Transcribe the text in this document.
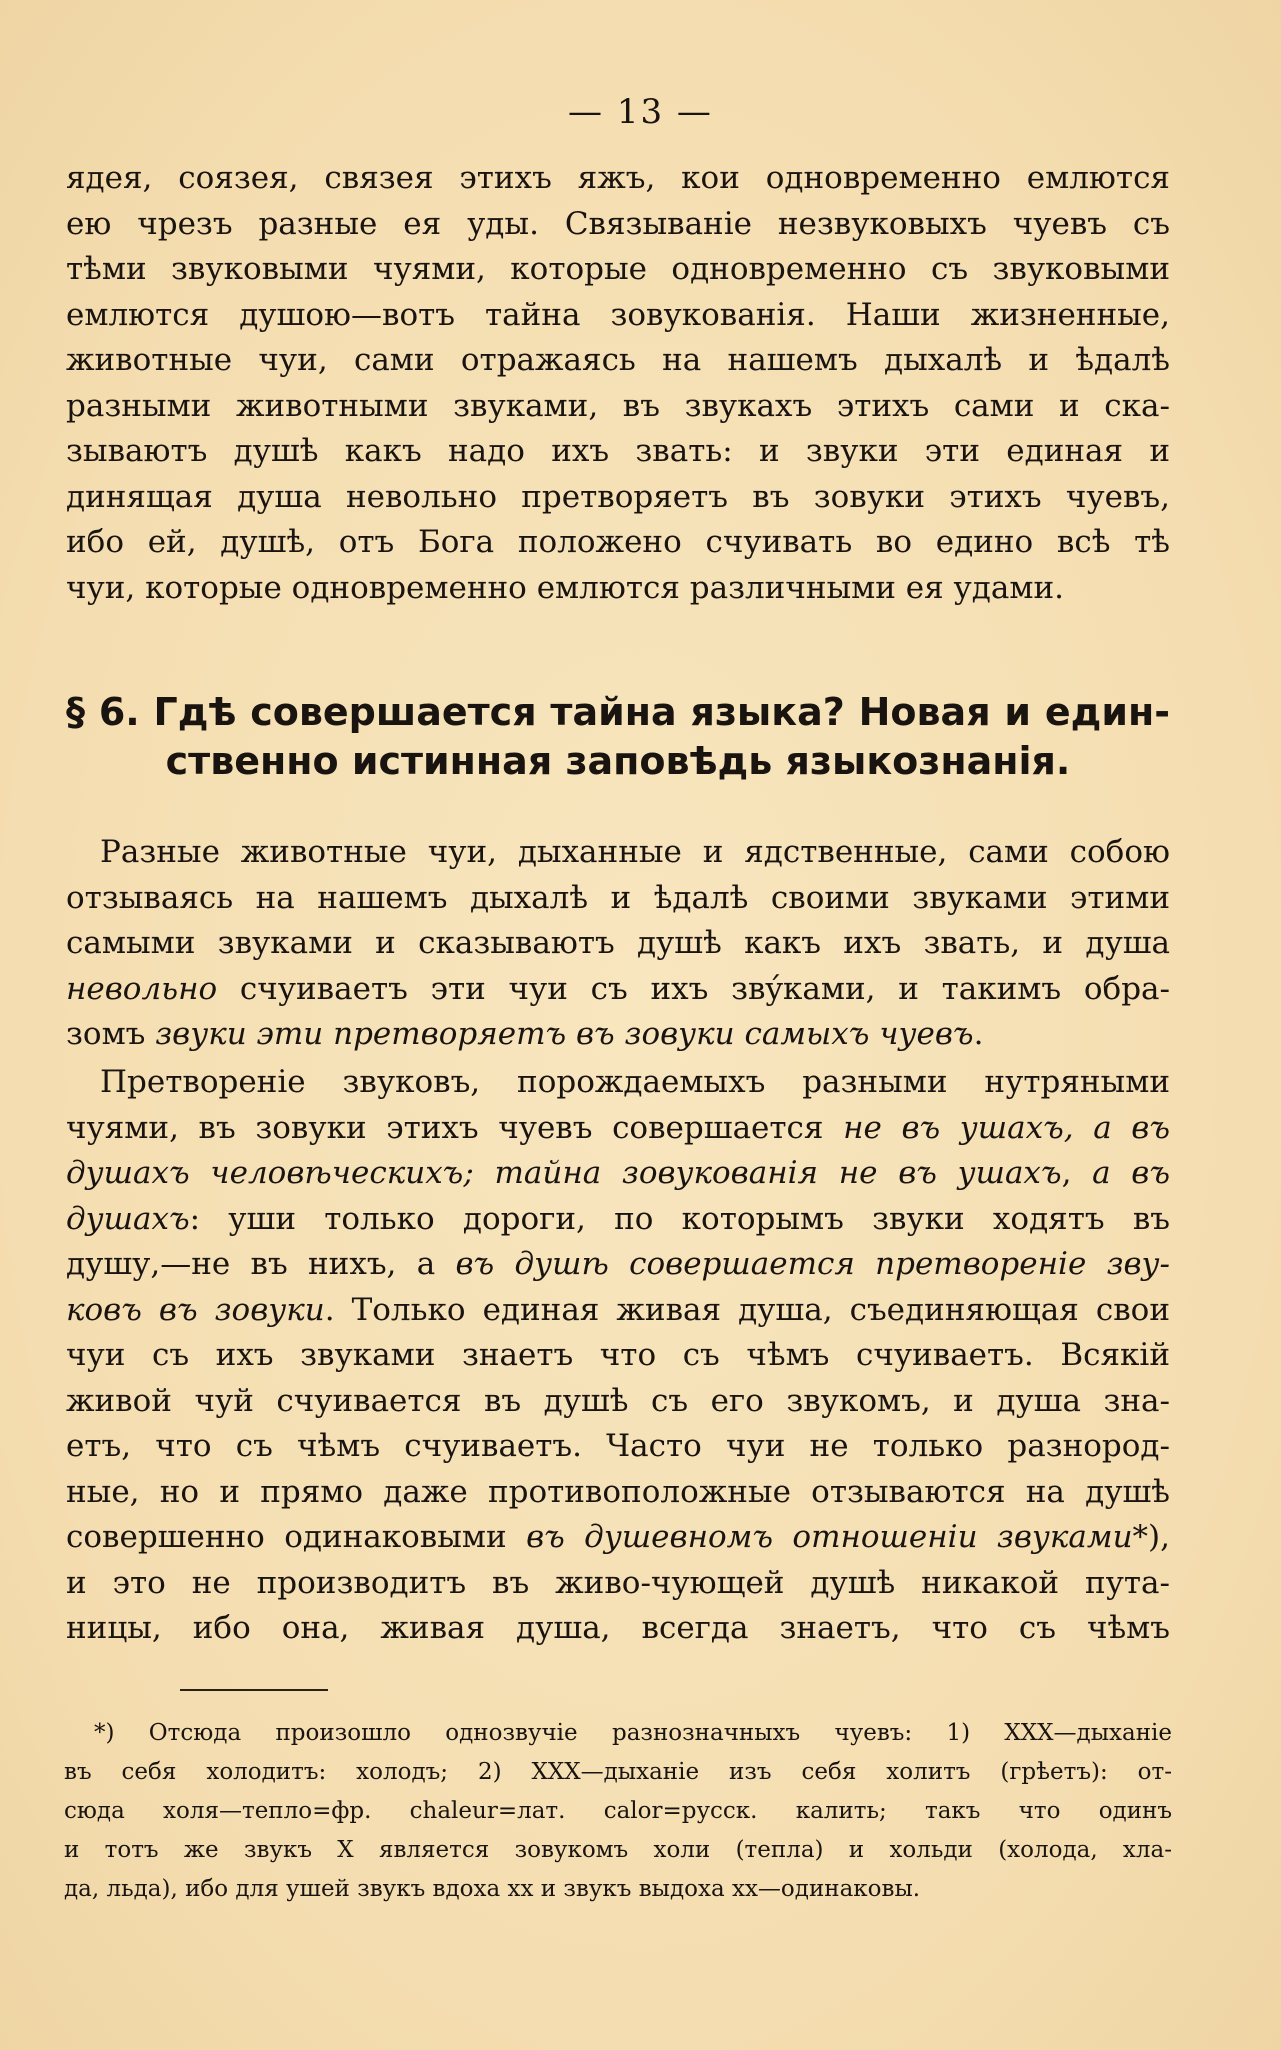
— 13 —
ядея, соязея, связея этихъ яжъ, кои одновременно емлются
ею чрезъ разные ея уды. Связываніе незвуковыхъ чуевъ съ
тѣми звуковыми чуями, которые одновременно съ звуковыми
емлются душою—вотъ тайна зовукованія. Наши жизненные,
животные чуи, сами отражаясь на нашемъ дыхалѣ и ѣдалѣ
разными животными звуками, въ звукахъ этихъ сами и ска-
зываютъ душѣ какъ надо ихъ звать: и звуки эти единая и
динящая душа невольно претворяетъ въ зовуки этихъ чуевъ,
ибо ей, душѣ, отъ Бога положено счуивать во едино всѣ тѣ
чуи, которые одновременно емлются различными ея удами.
§ 6. Гдѣ совершается тайна языка? Новая и един-
ственно истинная заповѣдь языкознанія.
Разные животные чуи, дыханные и ядственные, сами собою
отзываясь на нашемъ дыхалѣ и ѣдалѣ своими звуками этими
самыми звуками и сказываютъ душѣ какъ ихъ звать, и душа
невольно счуиваетъ эти чуи съ ихъ звýками, и такимъ обра-
зомъ звуки эти претворяетъ въ зовуки самыхъ чуевъ.
Претвореніе звуковъ, порождаемыхъ разными нутряными
чуями, въ зовуки этихъ чуевъ совершается не въ ушахъ, а въ
душахъ человѣческихъ; тайна зовукованія не въ ушахъ, а въ
душахъ: уши только дороги, по которымъ звуки ходятъ въ
душу,—не въ нихъ, а въ душѣ совершается претвореніе зву-
ковъ въ зовуки. Только единая живая душа, съединяющая свои
чуи съ ихъ звуками знаетъ что съ чѣмъ счуиваетъ. Всякій
живой чуй счуивается въ душѣ съ его звукомъ, и душа зна-
етъ, что съ чѣмъ счуиваетъ. Часто чуи не только разнород-
ные, но и прямо даже противоположные отзываются на душѣ
совершенно одинаковыми въ душевномъ отношеніи звуками*),
и это не производитъ въ живо-чующей душѣ никакой пута-
ницы, ибо она, живая душа, всегда знаетъ, что съ чѣмъ
*) Отсюда произошло однозвучіе разнозначныхъ чуевъ: 1) ХХХ—дыханіе
въ себя холодитъ: холодъ; 2) ХХХ—дыханіе изъ себя холитъ (грѣетъ): от-
сюда холя—тепло=фр. chaleur=лат. calor=русск. калить; такъ что одинъ
и тотъ же звукъ Х является зовукомъ холи (тепла) и хольди (холода, хла-
да, льда), ибо для ушей звукъ вдоха хх и звукъ выдоха хх—одинаковы.
